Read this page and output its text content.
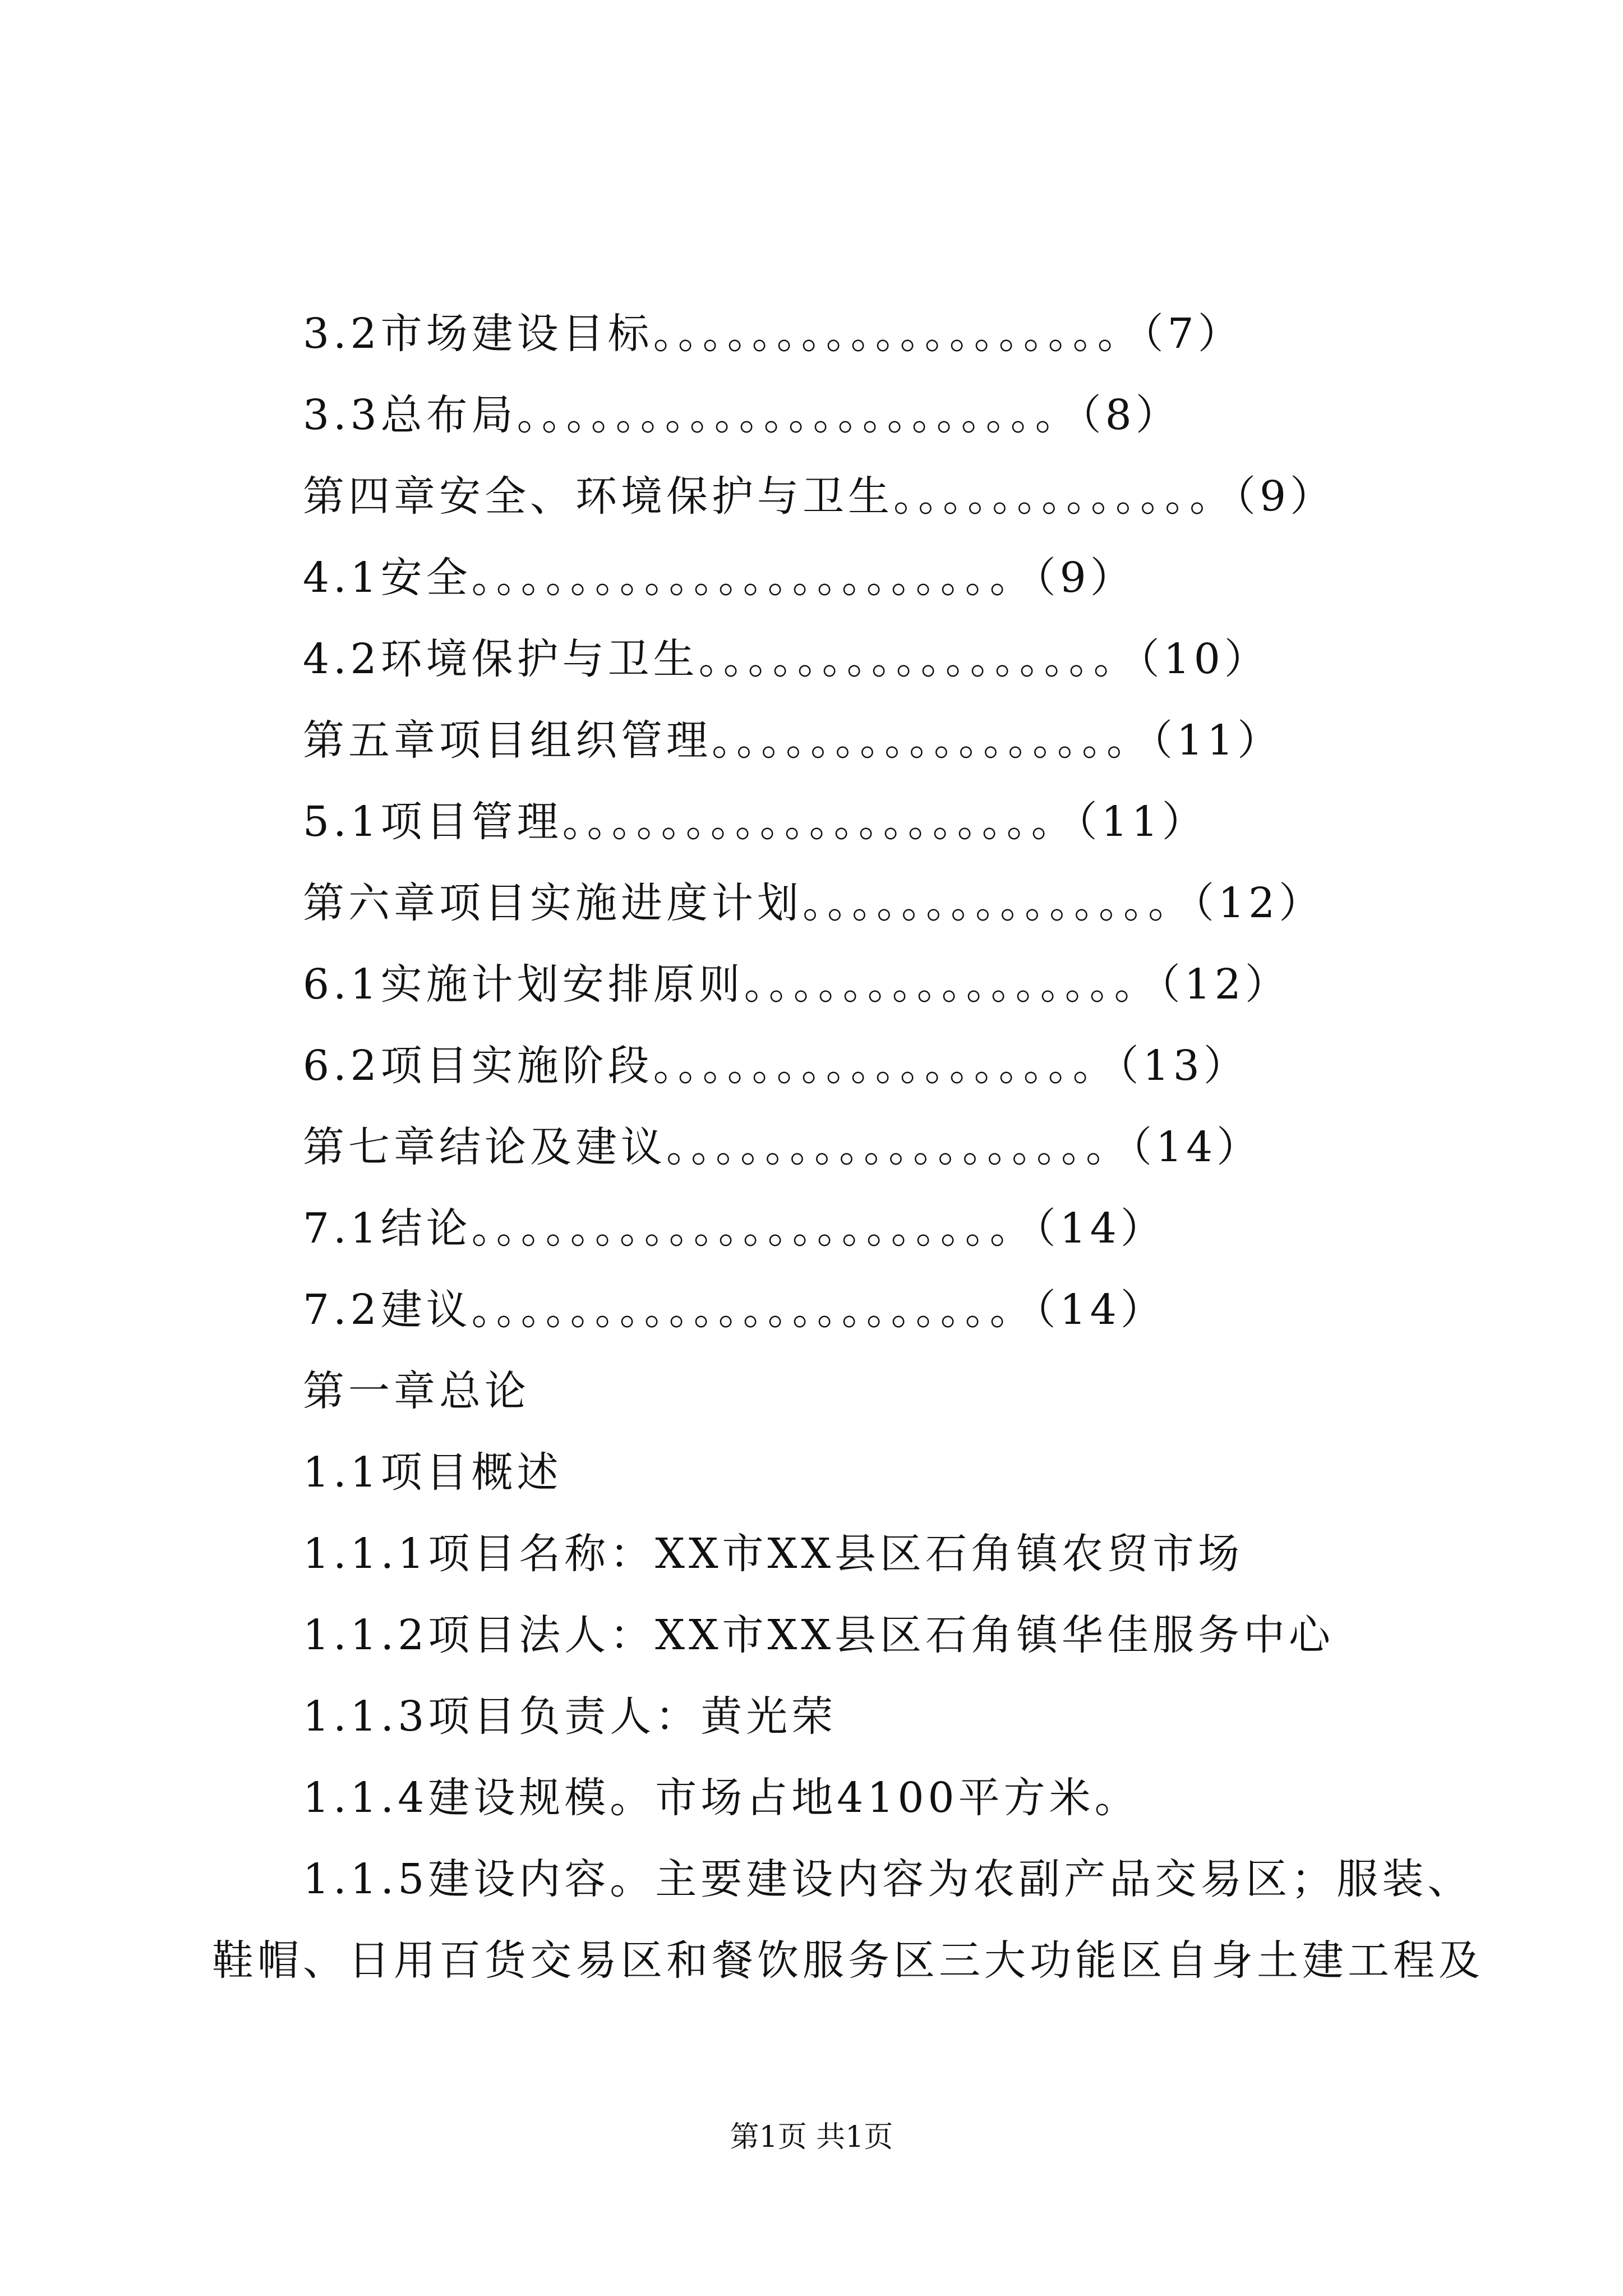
3.2市场建设目标。。。。。。。。。。。。。。。。。。。（7）
3.3总布局。。。。。。。。。。。。。。。。。。。。。。（8）
第四章安全、环境保护与卫生。。。。。。。。。。。。。（9）
4.1安全。。。。。。。。。。。。。。。。。。。。。。（9）
4.2环境保护与卫生。。。。。。。。。。。。。。。。。（10）
第五章项目组织管理。。。。。。。。。。。。。。。。。（11）
5.1项目管理。。。。。。。。。。。。。。。。。。。。（11）
第六章项目实施进度计划。。。。。。。。。。。。。。。（12）
6.1实施计划安排原则。。。。。。。。。。。。。。。。（12）
6.2项目实施阶段。。。。。。。。。。。。。。。。。。（13）
第七章结论及建议。。。。。。。。。。。。。。。。。。（14）
7.1结论。。。。。。。。。。。。。。。。。。。。。。（14）
7.2建议。。。。。。。。。。。。。。。。。。。。。。（14）
第一章总论
1.1项目概述
1.1.1项目名称：XX市XX县区石角镇农贸市场
1.1.2项目法人：XX市XX县区石角镇华佳服务中心
1.1.3项目负责人：黄光荣
1.1.4建设规模。市场占地4100平方米。
1.1.5建设内容。主要建设内容为农副产品交易区；服装、
鞋帽、日用百货交易区和餐饮服务区三大功能区自身土建工程及
第1页 共1页
